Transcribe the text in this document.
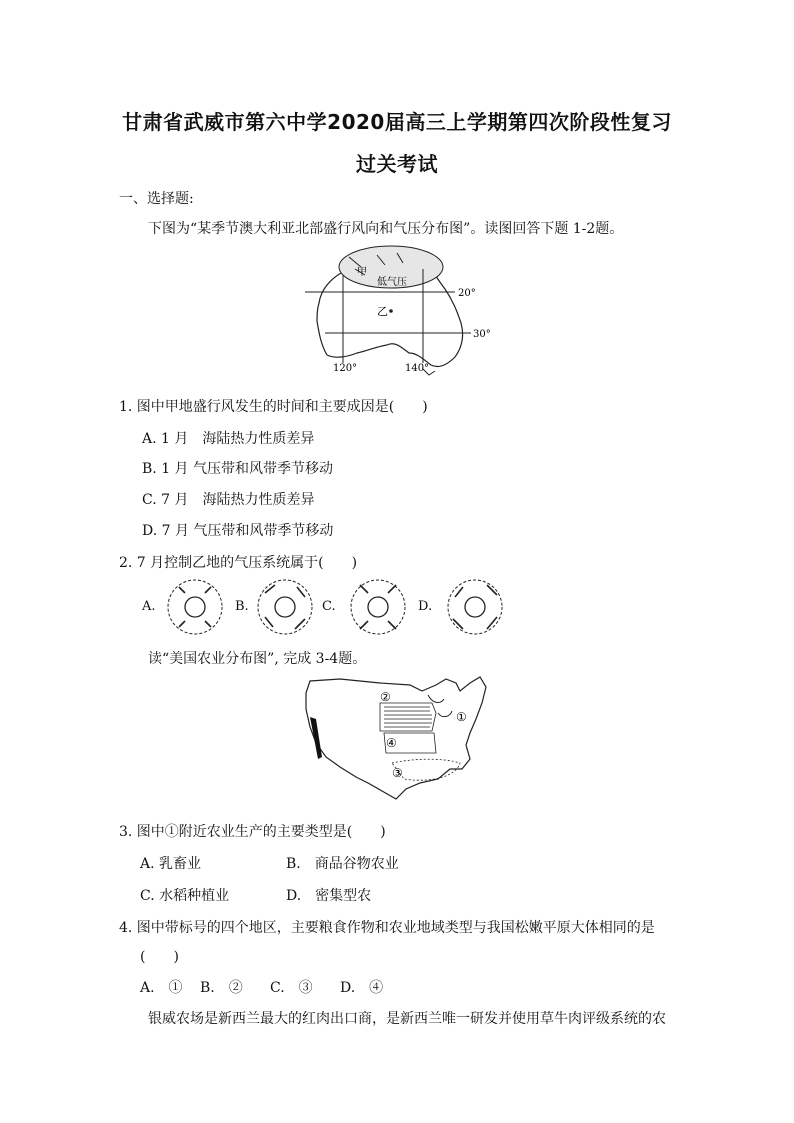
甘肃省武威市第六中学2020届高三上学期第四次阶段性复习
过关考试
一、选择题:
下图为“某季节澳大利亚北部盛行风向和气压分布图”。读图回答下题 1-2题。
甲
低气压
乙
20°
30°
120°	140°
1. 图中甲地盛行风发生的时间和主要成因是(　　)
A. 1 月　海陆热力性质差异
B. 1 月 气压带和风带季节移动
C. 7 月　海陆热力性质差异
D. 7 月 气压带和风带季节移动
2. 7 月控制乙地的气压系统属于(　　)
A.	B.	C.	D.
读“美国农业分布图”, 完成 3-4题。
②
①
④
③
3. 图中①附近农业生产的主要类型是(　　)
A. 乳畜业	B.　商品谷物农业
C. 水稻种植业	D.　密集型农
4. 图中带标号的四个地区，主要粮食作物和农业地域类型与我国松嫩平原大体相同的是
(　　)
A.　① B.　② C.　③ D.　④
银威农场是新西兰最大的红肉出口商，是新西兰唯一研发并使用草牛肉评级系统的农
